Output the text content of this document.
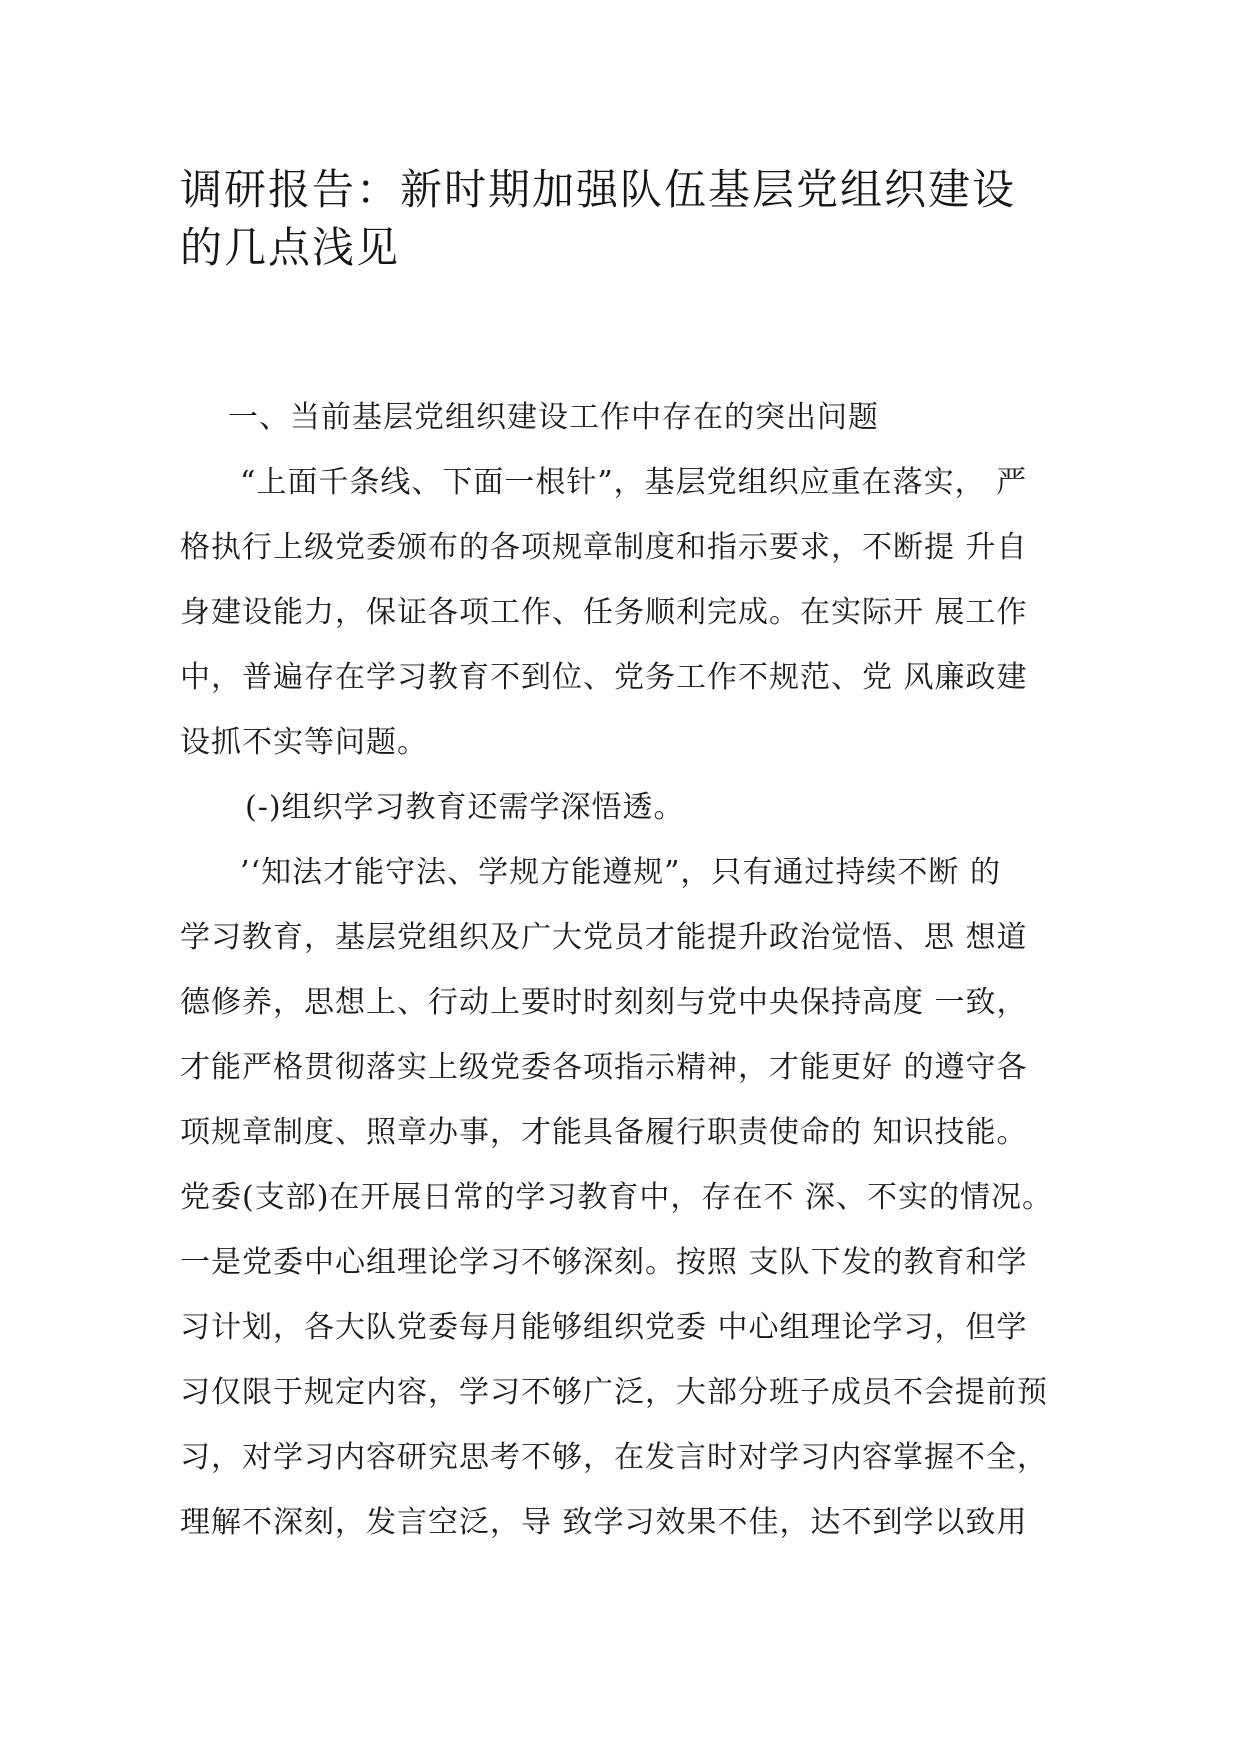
调研报告：新时期加强队伍基层党组织建设
的几点浅见
一、当前基层党组织建设工作中存在的突出问题
“上面千条线、下面一根针”，基层党组织应重在落实， 严
格执行上级党委颁布的各项规章制度和指示要求，不断提 升自
身建设能力，保证各项工作、任务顺利完成。在实际开 展工作
中，普遍存在学习教育不到位、党务工作不规范、党 风廉政建
设抓不实等问题。
(-)组织学习教育还需学深悟透。
’‘知法才能守法、学规方能遵规”，只有通过持续不断 的
学习教育，基层党组织及广大党员才能提升政治觉悟、思 想道
德修养，思想上、行动上要时时刻刻与党中央保持高度 一致，
才能严格贯彻落实上级党委各项指示精神，才能更好 的遵守各
项规章制度、照章办事，才能具备履行职责使命的 知识技能。
党委(支部)在开展日常的学习教育中，存在不 深、不实的情况。
一是党委中心组理论学习不够深刻。按照 支队下发的教育和学
习计划，各大队党委每月能够组织党委 中心组理论学习，但学
习仅限于规定内容，学习不够广泛，大部分班子成员不会提前预
习，对学习内容研究思考不够，在发言时对学习内容掌握不全，
理解不深刻，发言空泛，导 致学习效果不佳，达不到学以致用
